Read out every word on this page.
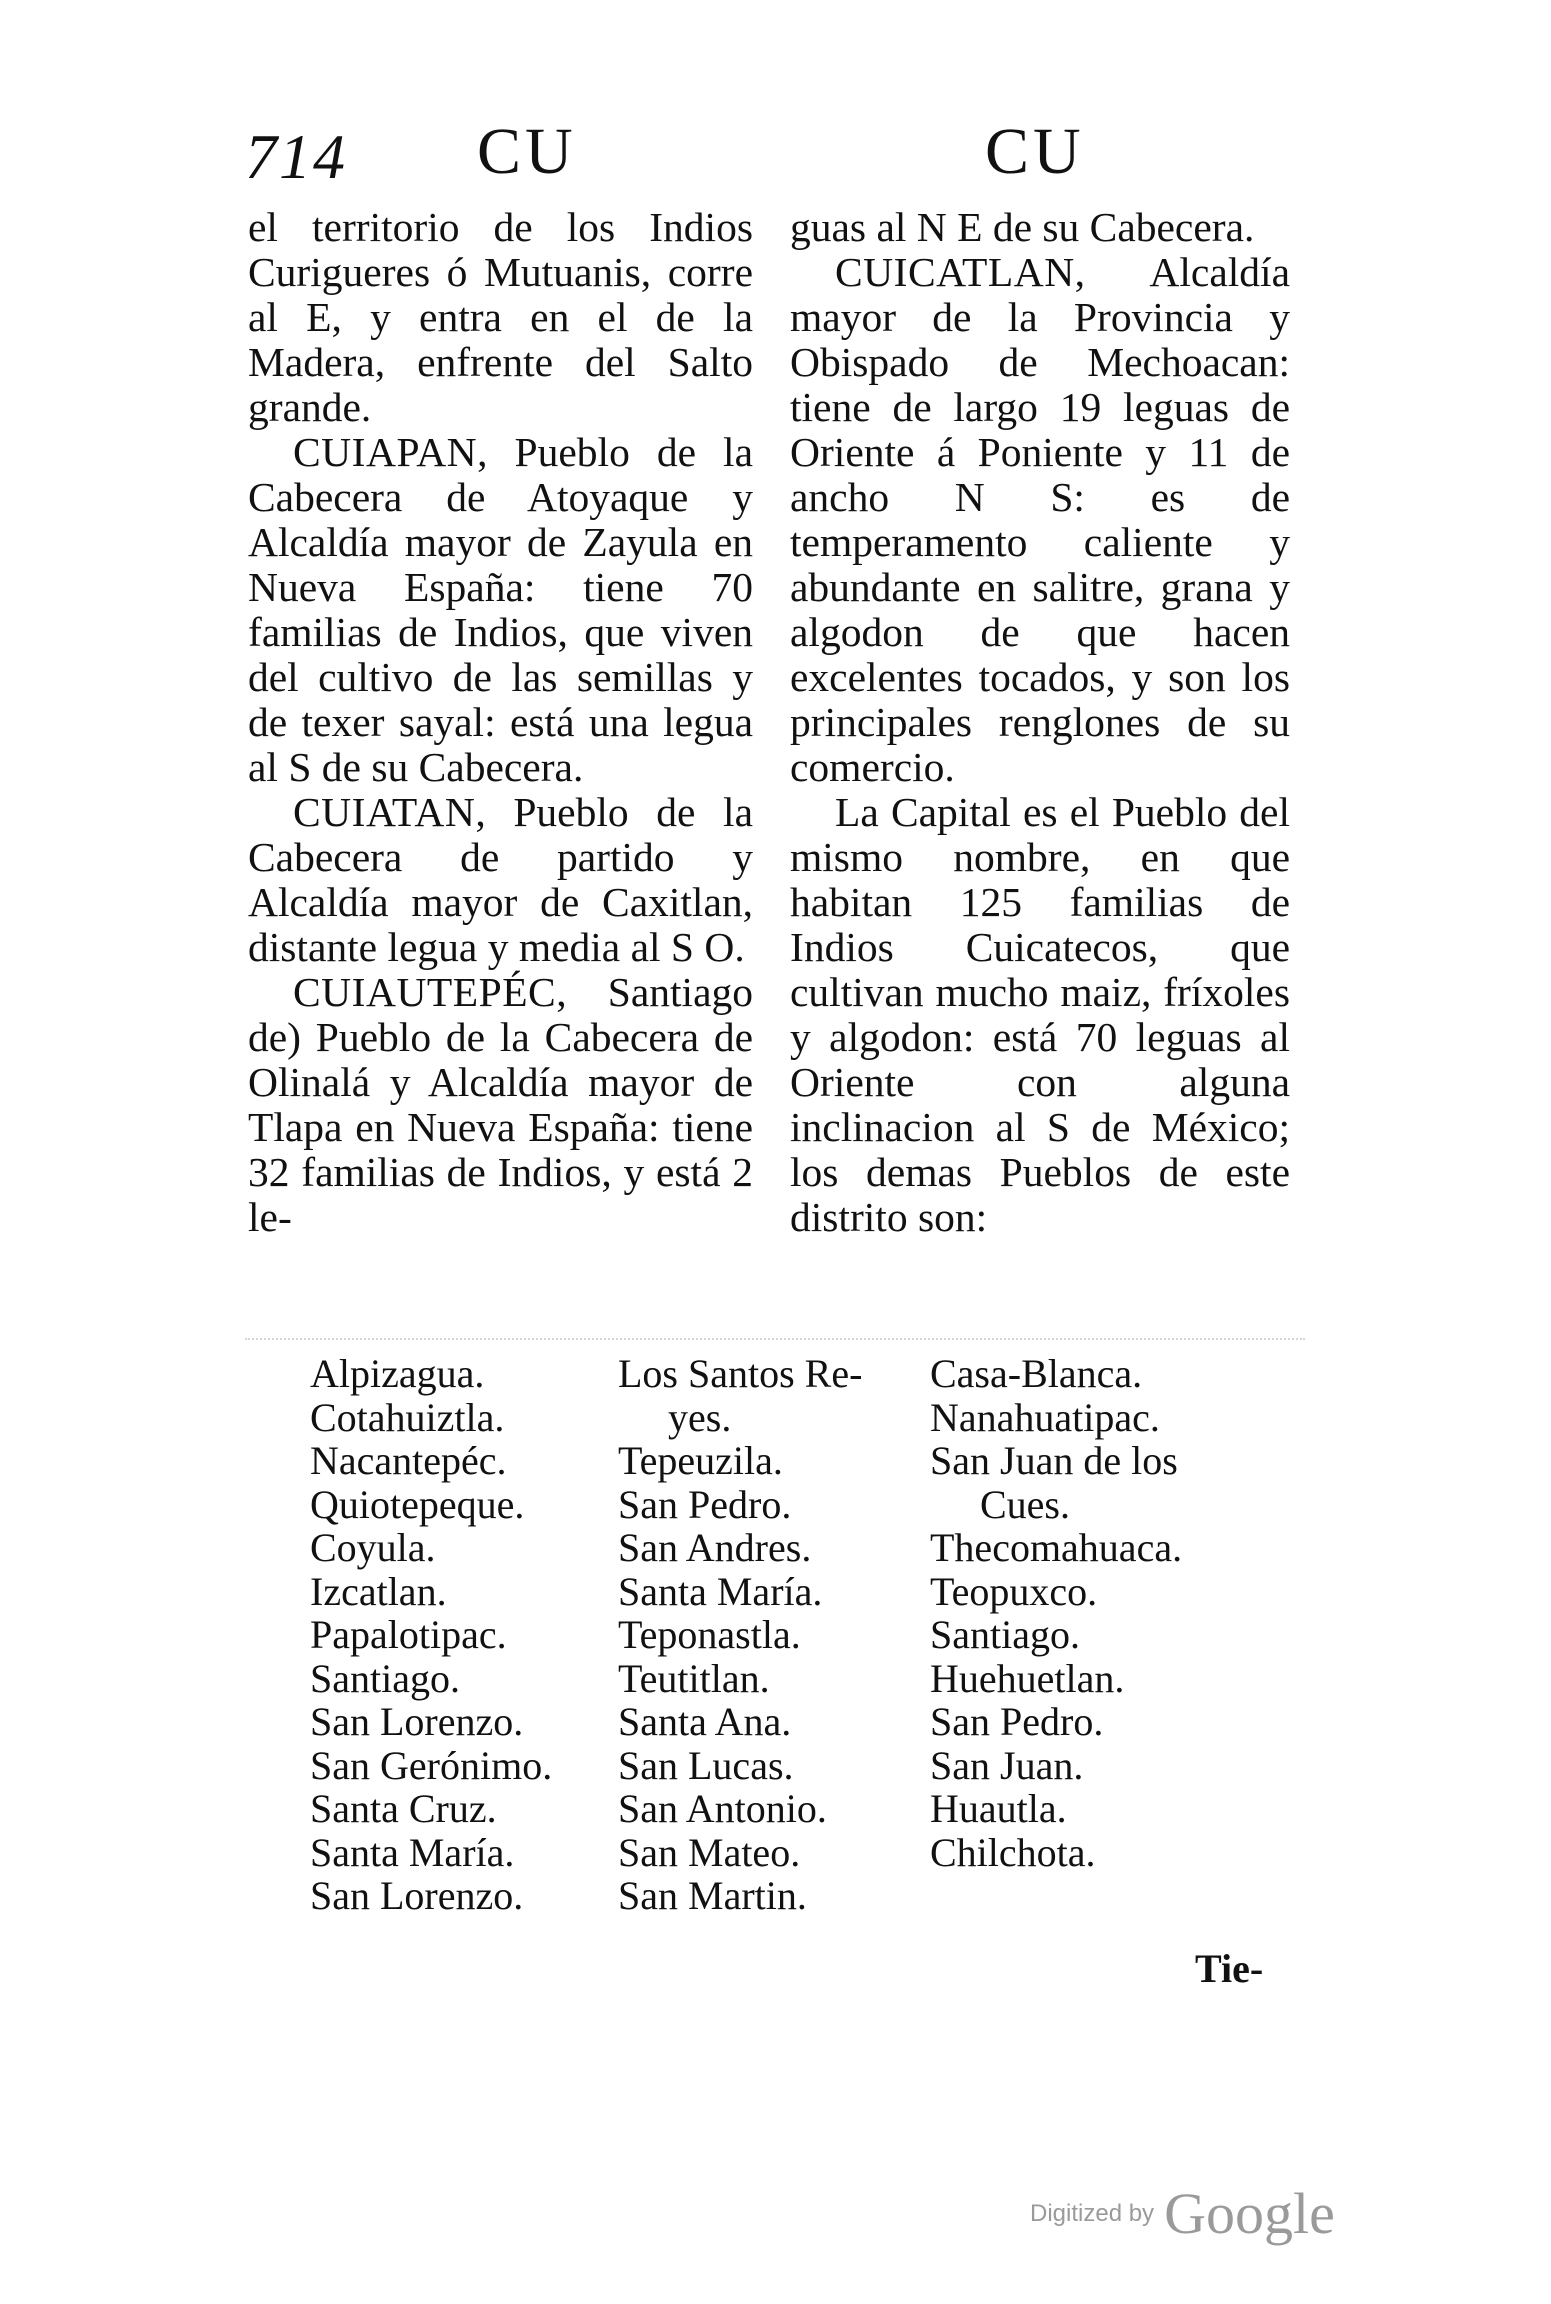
714 CU	CU

el territorio de los Indios Curigueres ó Mutuanis, corre al E, y entra en el de la Madera, enfrente del Salto grande.

CUIAPAN, Pueblo de la Cabecera de Atoyaque y Alcaldía mayor de Zayula en Nueva España: tiene 70 familias de Indios, que viven del cultivo de las semillas y de texer sayal: está una legua al S de su Cabecera.

CUIATAN, Pueblo de la Cabecera de partido y Alcaldía mayor de Caxitlan, distante legua y media al S O.

CUIAUTEPÉC, Santiago de) Pueblo de la Cabecera de Olinalá y Alcaldía mayor de Tlapa en Nueva España: tiene 32 familias de Indios, y está 2 le-

guas al N E de su Cabecera.

CUICATLAN, Alcaldía mayor de la Provincia y Obispado de Mechoacan: tiene de largo 19 leguas de Oriente á Poniente y 11 de ancho N S: es de temperamento caliente y abundante en salitre, grana y algodon de que hacen excelentes tocados, y son los principales renglones de su comercio.

La Capital es el Pueblo del mismo nombre, en que habitan 125 familias de Indios Cuicatecos, que cultivan mucho maiz, fríxoles y algodon: está 70 leguas al Oriente con alguna inclinacion al S de México; los demas Pueblos de este distrito son:

Alpizagua.
Cotahuiztla.
Nacantepéc.
Quiotepeque.
Coyula.
Izcatlan.
Papalotipac.
Santiago.
San Lorenzo.
San Gerónimo.
Santa Cruz.
Santa María.
San Lorenzo.
Los Santos Re-
yes.
Tepeuzila.
San Pedro.
San Andres.
Santa María.
Teponastla.
Teutitlan.
Santa Ana.
San Lucas.
San Antonio.
San Mateo.
San Martin.
Casa-Blanca.
Nanahuatipac.
San Juan de los
Cues.
Thecomahuaca.
Teopuxco.
Santiago.
Huehuetlan.
San Pedro.
San Juan.
Huautla.
Chilchota.
Tie-
Digitized by Google
